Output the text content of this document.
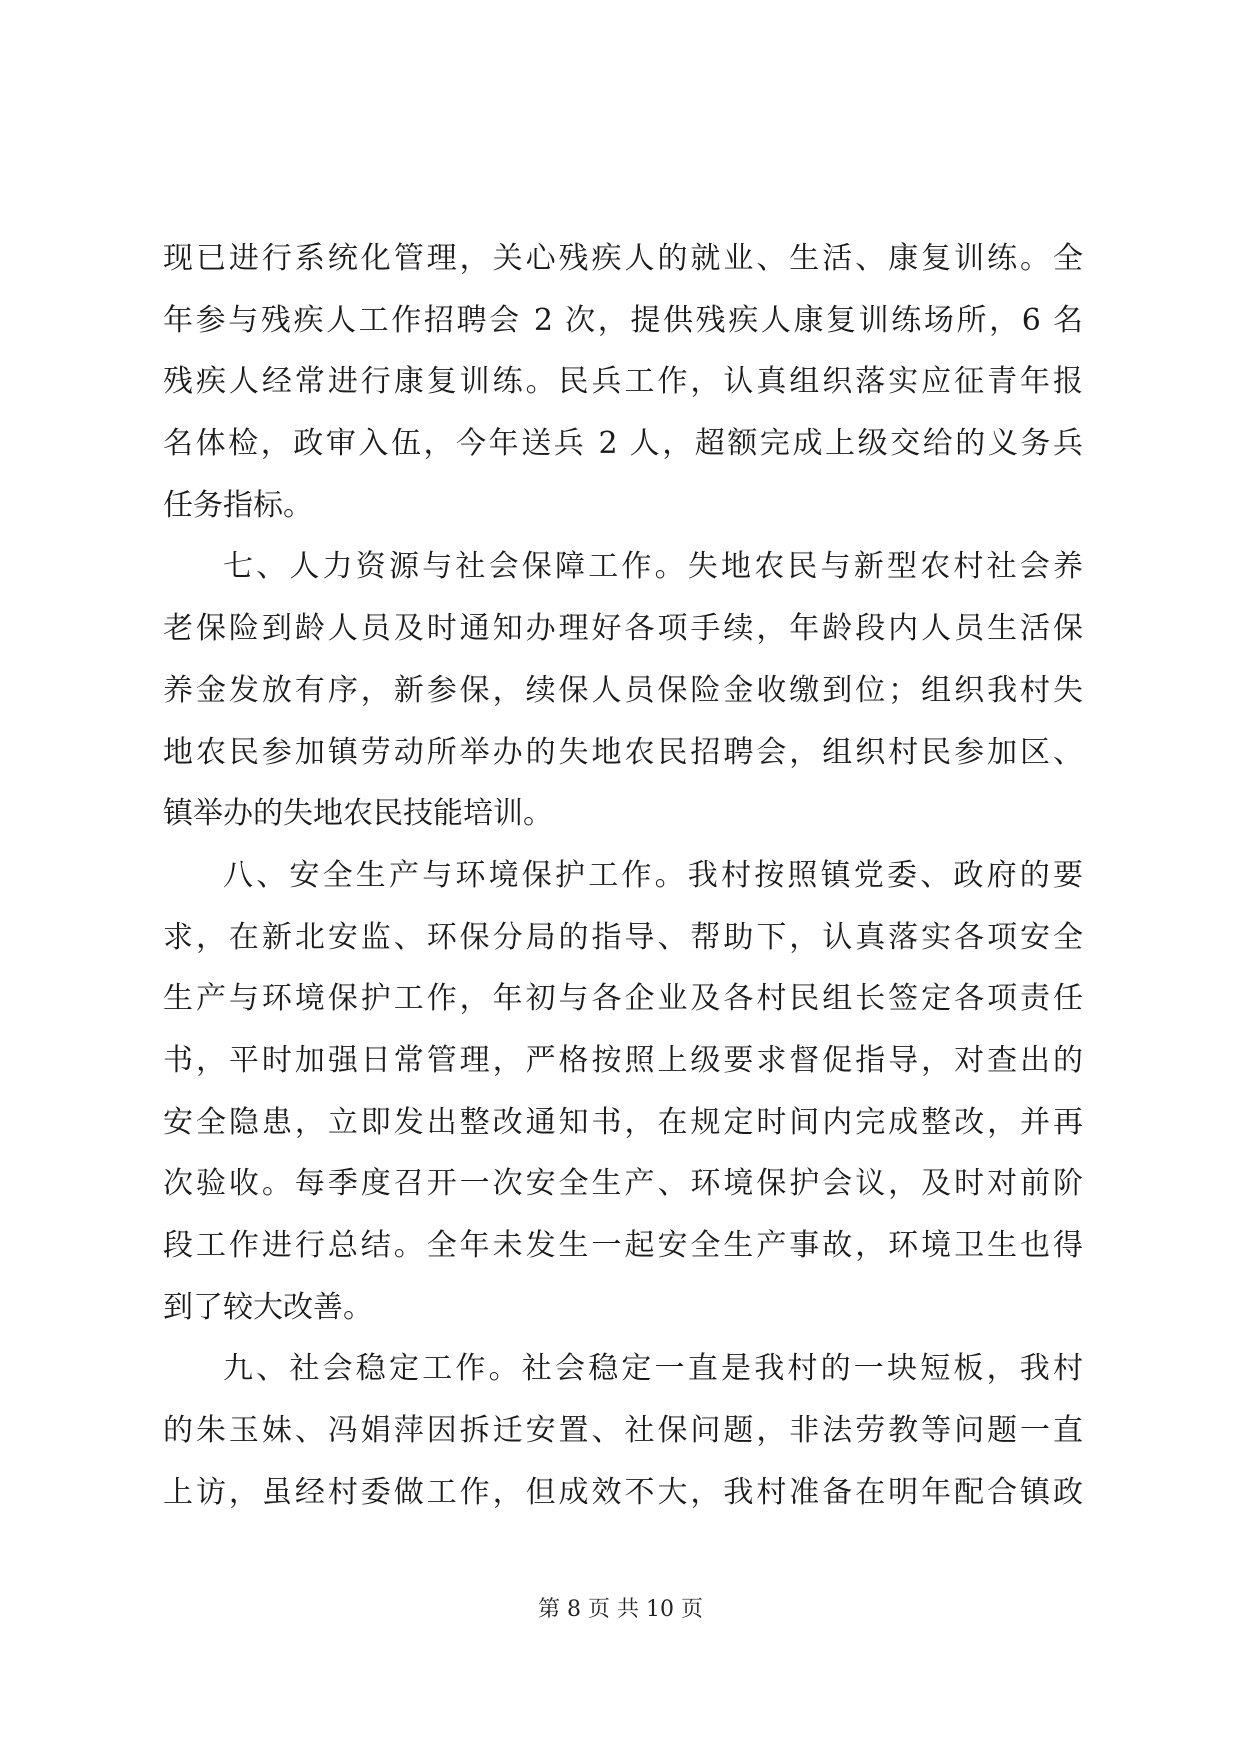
现已进行系统化管理，关心残疾人的就业、生活、康复训练。全
年参与残疾人工作招聘会 2 次，提供残疾人康复训练场所，6 名
残疾人经常进行康复训练。民兵工作，认真组织落实应征青年报
名体检，政审入伍，今年送兵 2 人，超额完成上级交给的义务兵
任务指标。
七、人力资源与社会保障工作。失地农民与新型农村社会养
老保险到龄人员及时通知办理好各项手续，年龄段内人员生活保
养金发放有序，新参保，续保人员保险金收缴到位；组织我村失
地农民参加镇劳动所举办的失地农民招聘会，组织村民参加区、
镇举办的失地农民技能培训。
八、安全生产与环境保护工作。我村按照镇党委、政府的要
求，在新北安监、环保分局的指导、帮助下，认真落实各项安全
生产与环境保护工作，年初与各企业及各村民组长签定各项责任
书，平时加强日常管理，严格按照上级要求督促指导，对查出的
安全隐患，立即发出整改通知书，在规定时间内完成整改，并再
次验收。每季度召开一次安全生产、环境保护会议，及时对前阶
段工作进行总结。全年未发生一起安全生产事故，环境卫生也得
到了较大改善。
九、社会稳定工作。社会稳定一直是我村的一块短板，我村
的朱玉妹、冯娟萍因拆迁安置、社保问题，非法劳教等问题一直
上访，虽经村委做工作，但成效不大，我村准备在明年配合镇政
第 8 页 共 10 页
